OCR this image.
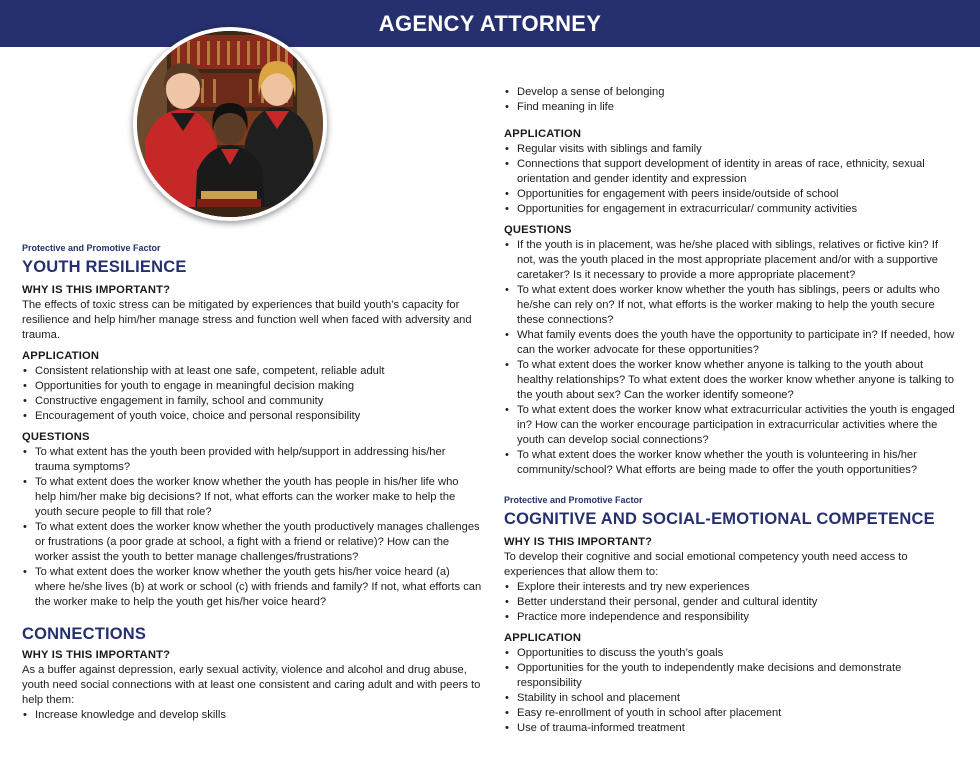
AGENCY ATTORNEY

Protective and Promotive Factor

YOUTH RESILIENCE
WHY IS THIS IMPORTANT?

The effects of toxic stress can be mitigated by experiences that build youth’s capacity for resilience and help him/her manage stress and function well when faced with adversity and trauma.

APPLICATION
• Consistent relationship with at least one safe, competent, reliable adult
• Opportunities for youth to engage in meaningful decision making
• Constructive engagement in family, school and community
• Encouragement of youth voice, choice and personal responsibility
QUESTIONS
• To what extent has the youth been provided with help/support in addressing his/her trauma symptoms?
• To what extent does the worker know whether the youth has people in his/her life who help him/her make big decisions? If not, what efforts can the worker make to help the youth secure people to fill that role?
• To what extent does the worker know whether the youth productively manages challenges or frustrations (a poor grade at school, a fight with a friend or relative)? How can the worker assist the youth to better manage challenges/frustrations?
• To what extent does the worker know whether the youth gets his/her voice heard (a) where he/she lives (b) at work or school (c) with friends and family? If not, what efforts can the worker make to help the youth get his/her voice heard?
CONNECTIONS
WHY IS THIS IMPORTANT?

As a buffer against depression, early sexual activity, violence and alcohol and drug abuse, youth need social connections with at least one consistent and caring adult and with peers to help them:

• Increase knowledge and develop skills
• Develop a sense of belonging
• Find meaning in life
APPLICATION
• Regular visits with siblings and family
• Connections that support development of identity in areas of race, ethnicity, sexual orientation and gender identity and expression
• Opportunities for engagement with peers inside/outside of school
• Opportunities for engagement in extracurricular/ community activities
QUESTIONS
• If the youth is in placement, was he/she placed with siblings, relatives or fictive kin? If not, was the youth placed in the most appropriate placement and/or with a supportive caretaker? Is it necessary to provide a more appropriate placement?
• To what extent does worker know whether the youth has siblings, peers or adults who he/she can rely on? If not, what efforts is the worker making to help the youth secure these connections?
• What family events does the youth have the opportunity to participate in? If needed, how can the worker advocate for these opportunities?
• To what extent does the worker know whether anyone is talking to the youth about healthy relationships? To what extent does the worker know whether anyone is talking to the youth about sex? Can the worker identify someone?
• To what extent does the worker know what extracurricular activities the youth is engaged in? How can the worker encourage participation in extracurricular activities where the youth can develop social connections?
• To what extent does the worker know whether the youth is volunteering in his/her community/school? What efforts are being made to offer the youth opportunities?

Protective and Promotive Factor

COGNITIVE AND SOCIAL-EMOTIONAL COMPETENCE
WHY IS THIS IMPORTANT?

To develop their cognitive and social emotional competency youth need access to experiences that allow them to:

• Explore their interests and try new experiences
• Better understand their personal, gender and cultural identity
• Practice more independence and responsibility
APPLICATION
• Opportunities to discuss the youth’s goals
• Opportunities for the youth to independently make decisions and demonstrate responsibility
• Stability in school and placement
• Easy re-enrollment of youth in school after placement
• Use of trauma-informed treatment
